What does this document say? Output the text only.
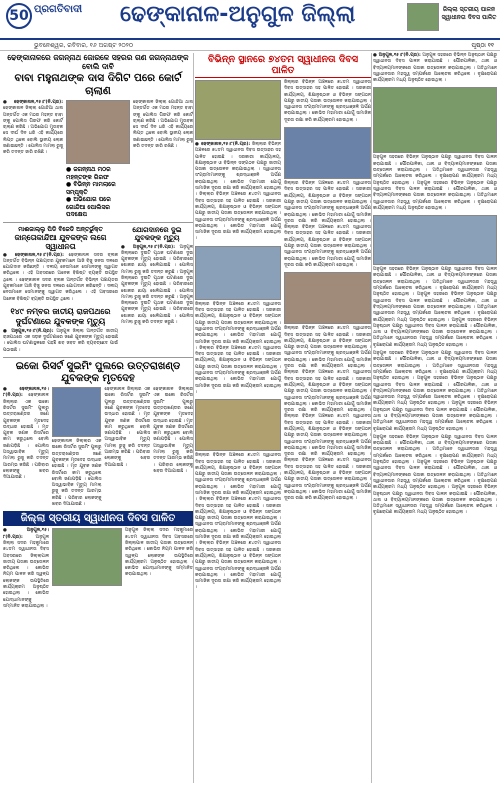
50 ପ୍ରଗତିବାଦୀ ଢେଙ୍କାନାଳ-ଅନୁଗୁଳ ଜିଲ୍ଲା	ଜିଲ୍ଲା ସ୍ତରୀୟ ପାଳନ ସ୍ୱାଧୀନତା ଦିବସ ପାଳିତ
ଭୁବନେଶ୍ୱର, ରବିବାର, ୧୬ ଅଗଷ୍ଟ ୨୦୨୦	ପୃଷ୍ଠା ୧୧
ଢେଙ୍କାନାଳରେ ଜଗନ୍ନାଥ ଜୋରଳେ ସହରର ଗଣ ଜଗନ୍ନାଥଙ୍କ ବୋଲି ଦାବି
ବାବା ମହୁନାଥଙ୍କ ଦାସ ଦିଗିଟ ପରେ କୋର୍ଟ ଚାଲାଣ
● ଢେଙ୍କାନାଳ,୧୫।୮(ନି.ପ୍ର): ଢେଙ୍କାନାଳ ଜିଲ୍ଲା ଗୋନ୍ଦିଆ ଥାନା ଅନ୍ତର୍ଗତ ଏକ ମଠର ମହନ୍ତ ବାବା ଙ୍କୁ ପୋଲିସ ଗିରଫ କରି କୋର୍ଟ ଚାଲାଣ କରିଛି । ଅଭିଯୋଗ ମୁତାବକ ସେ ଦୀର୍ଘ ଦିନ ଧରି ଏହି କାର୍ଯ୍ୟରେ ଲିପ୍ତ ଥିଲେ ବୋଲି ସ୍ଥାନୀୟ ଲୋକ ଜଣାଇଛନ୍ତି । ପୋଲିସ ମାମଲା ରୁଜୁ କରି ତଦନ୍ତ ଜାରି ରଖିଛି ।
● ଜଗନ୍ନାଥ ମଠର ମହନ୍ତଙ୍କ ଗିରଫ
● ବିଭିନ୍ନ ମାମଲାରେ ସମ୍ପୃକ୍ତି
● ଅଭିଯୋଗ ପରେ ଗୋନ୍ଦିଆ ପୋଲିସର ପଦକ୍ଷେପ
ଢେଙ୍କାନାଳ ଜିଲ୍ଲା ଗୋନ୍ଦିଆ ଥାନା ଅନ୍ତର୍ଗତ ଏକ ମଠର ମହନ୍ତ ବାବା ଙ୍କୁ ପୋଲିସ ଗିରଫ କରି କୋର୍ଟ ଚାଲାଣ କରିଛି । ଅଭିଯୋଗ ମୁତାବକ ସେ ଦୀର୍ଘ ଦିନ ଧରି ଏହି କାର୍ଯ୍ୟରେ ଲିପ୍ତ ଥିଲେ ବୋଲି ସ୍ଥାନୀୟ ଲୋକ ଜଣାଇଛନ୍ତି । ପୋଲିସ ମାମଲା ରୁଜୁ କରି ତଦନ୍ତ ଜାରି ରଖିଛି ।
ମାଈଜାଲ୍ଲୁ ପିଡି ବିଜେଡି ଅନ୍ତର୍ଭୁକ୍ତ
ଜାନ୍ତୋକାନ୍ଦିଆ ଯୁବକଙ୍କ ଲଗେ ସ୍ୱାଧୀନତା
● ଢେଙ୍କାନାଳ,୧୫।୮(ନି.ପ୍ର): ଢେଙ୍କାନାଳ ସଦର ବ୍ଲକ ଅନ୍ତର୍ଗତ ବିଭିନ୍ନ ପଞ୍ଚାୟତର ଯୁବକମାନେ ଆଜି ବିଜୁ ଜନତା ଦଳରେ ଯୋଗଦାନ କରିଛନ୍ତି । ଦଳୀୟ ନେତାମାନେ ସେମାନଙ୍କୁ ସ୍ୱାଗତ କରିଥିଲେ । ଏହି ଅବସରରେ ଅନେକ ବିଶିଷ୍ଟ ବ୍ୟକ୍ତି ଉପସ୍ଥିତ ଥିଲେ । ଢେଙ୍କାନାଳ ସଦର ବ୍ଲକ ଅନ୍ତର୍ଗତ ବିଭିନ୍ନ ପଞ୍ଚାୟତର ଯୁବକମାନେ ଆଜି ବିଜୁ ଜନତା ଦଳରେ ଯୋଗଦାନ କରିଛନ୍ତି । ଦଳୀୟ ନେତାମାନେ ସେମାନଙ୍କୁ ସ୍ୱାଗତ କରିଥିଲେ । ଏହି ଅବସରରେ ଅନେକ ବିଶିଷ୍ଟ ବ୍ୟକ୍ତି ଉପସ୍ଥିତ ଥିଲେ ।
୧୪୯ ନମ୍ବର ଜାତୀୟ ରାଜପଥରେ ଦୁର୍ଘଟଣାରେ ଯୁବକଙ୍କ ମୃତ୍ୟୁ
● ଅନୁଗୁଳ,୧୫।୮(ନି.ପ୍ର): ଅନୁଗୁଳ ଜିଲ୍ଲା ଅନ୍ତର୍ଗତ ଜାତୀୟ ରାଜପଥରେ ଏକ ସଡ଼କ ଦୁର୍ଘଟଣାରେ ଜଣେ ଯୁବକଙ୍କ ମୃତ୍ୟୁ ହୋଇଛି । ପୋଲିସ ଘଟଣାସ୍ଥଳରେ ପହଞ୍ଚି ଶବ ଜବତ କରି ବ୍ୟବଚ୍ଛେଦ ପାଇଁ ପଠାଇଛି ।
ଯୋଗଦାନରେ ଦୁଇ ଯୁବକଙ୍କ ମୃତ୍ୟୁ
● ଅନୁଗୁଳ,୧୫।୮(ନି.ପ୍ର): ଅନୁଗୁଳ ଜିଲ୍ଲାରେ ଦୁଇଟି ପୃଥକ ଘଟଣାରେ ଦୁଇ ଯୁବକଙ୍କ ମୃତ୍ୟୁ ହୋଇଛି । ପରିବାରରେ ଶୋକର ଛାୟା ଖେଳିଯାଇଛି । ପୋଲିସ ମାମଲା ରୁଜୁ କରି ତଦନ୍ତ କରୁଛି । ଅନୁଗୁଳ ଜିଲ୍ଲାରେ ଦୁଇଟି ପୃଥକ ଘଟଣାରେ ଦୁଇ ଯୁବକଙ୍କ ମୃତ୍ୟୁ ହୋଇଛି । ପରିବାରରେ ଶୋକର ଛାୟା ଖେଳିଯାଇଛି । ପୋଲିସ ମାମଲା ରୁଜୁ କରି ତଦନ୍ତ କରୁଛି । ଅନୁଗୁଳ ଜିଲ୍ଲାରେ ଦୁଇଟି ପୃଥକ ଘଟଣାରେ ଦୁଇ ଯୁବକଙ୍କ ମୃତ୍ୟୁ ହୋଇଛି । ପରିବାରରେ ଶୋକର ଛାୟା ଖେଳିଯାଇଛି । ପୋଲିସ ମାମଲା ରୁଜୁ କରି ତଦନ୍ତ କରୁଛି ।
ଇକୋ ରିସର୍ଟ ସୁଇମିଂ ପୁଲରେ ଉତ୍ତରାଖଣ୍ଡ ଯୁବକଙ୍କ ମୃତଦେହ
● ଢେଙ୍କାନାଳ,୧୫।୮(ନି.ପ୍ର): ଢେଙ୍କାନାଳ ଜିଲ୍ଲାର ଏକ ଇକୋ ରିସର୍ଟର ସୁଇମିଂ ପୁଲରୁ ଉତ୍ତରାଖଣ୍ଡର ଜଣେ ଯୁବକଙ୍କ ମୃତଦେହ ଉଦ୍ଧାର ହୋଇଛି । ମୃତ ଯୁବକ ଜଣକ ରିସର୍ଟରେ କାମ କରୁଥିଲେ ବୋଲି ଜଣାପଡ଼ିଛି । ପୋଲିସ ଅସ୍ୱାଭାବିକ ମୃତ୍ୟୁ ମାମଲା ରୁଜୁ କରି ତଦନ୍ତ ଆରମ୍ଭ କରିଛି । ପରିବାର ଲୋକଙ୍କୁ ଖବର ଦିଆଯାଇଛି ।
ଢେଙ୍କାନାଳ ଜିଲ୍ଲାର ଏକ ଇକୋ ରିସର୍ଟର ସୁଇମିଂ ପୁଲରୁ ଉତ୍ତରାଖଣ୍ଡର ଜଣେ ଯୁବକଙ୍କ ମୃତଦେହ ଉଦ୍ଧାର ହୋଇଛି । ମୃତ ଯୁବକ ଜଣକ ରିସର୍ଟରେ କାମ କରୁଥିଲେ ବୋଲି ଜଣାପଡ଼ିଛି । ପୋଲିସ ଅସ୍ୱାଭାବିକ ମୃତ୍ୟୁ ମାମଲା ରୁଜୁ କରି ତଦନ୍ତ ଆରମ୍ଭ କରିଛି । ପରିବାର ଲୋକଙ୍କୁ ଖବର ଦିଆଯାଇଛି ।
ଢେଙ୍କାନାଳ ଜିଲ୍ଲାର ଏକ ଇକୋ ରିସର୍ଟର ସୁଇମିଂ ପୁଲରୁ ଉତ୍ତରାଖଣ୍ଡର ଜଣେ ଯୁବକଙ୍କ ମୃତଦେହ ଉଦ୍ଧାର ହୋଇଛି । ମୃତ ଯୁବକ ଜଣକ ରିସର୍ଟରେ କାମ କରୁଥିଲେ ବୋଲି ଜଣାପଡ଼ିଛି । ପୋଲିସ ଅସ୍ୱାଭାବିକ ମୃତ୍ୟୁ ମାମଲା ରୁଜୁ କରି ତଦନ୍ତ ଆରମ୍ଭ କରିଛି । ପରିବାର ଲୋକଙ୍କୁ ଖବର ଦିଆଯାଇଛି ।
ଢେଙ୍କାନାଳ ଜିଲ୍ଲାର ଏକ ଇକୋ ରିସର୍ଟର ସୁଇମିଂ ପୁଲରୁ ଉତ୍ତରାଖଣ୍ଡର ଜଣେ ଯୁବକଙ୍କ ମୃତଦେହ ଉଦ୍ଧାର ହୋଇଛି । ମୃତ ଯୁବକ ଜଣକ ରିସର୍ଟରେ କାମ କରୁଥିଲେ ବୋଲି ଜଣାପଡ଼ିଛି । ପୋଲିସ ଅସ୍ୱାଭାବିକ ମୃତ୍ୟୁ ମାମଲା ରୁଜୁ କରି ତଦନ୍ତ ଆରମ୍ଭ କରିଛି । ପରିବାର ଲୋକଙ୍କୁ ଖବର ଦିଆଯାଇଛି ।
ଜିଲ୍ଲା ସ୍ତରୀୟ ସ୍ୱାଧୀନତା ଦିବସ ପାଳିତ
● ଅନୁଗୁଳ,୧୫।୮(ନି.ପ୍ର):	ଅନୁଗୁଳ ଜିଲ୍ଲା ସଦର ମହକୁମାରେ ୭୪ତମ ସ୍ୱାଧୀନତା ଦିବସ ଅବସରରେ ଜିଲ୍ଲାପାଳ ଜାତୀୟ ପତାକା ଉତ୍ତୋଳନ କରିଥିଲେ । କୋଭିଡ ନିୟମ ପାଳନ କରି ସ୍ୱଳ୍ପ ଲୋକଙ୍କ ଉପସ୍ଥିତିରେ କାର୍ଯ୍ୟକ୍ରମ ଅନୁଷ୍ଠିତ ହୋଇଥିଲା । କୋଭିଡ ଯୋଦ୍ଧାମାନଙ୍କୁ ସମ୍ମାନିତ କରାଯାଇଥିଲା ।
ଅନୁଗୁଳ ଜିଲ୍ଲା ସଦର ମହକୁମାରେ ୭୪ତମ ସ୍ୱାଧୀନତା ଦିବସ ଅବସରରେ ଜିଲ୍ଲାପାଳ ଜାତୀୟ ପତାକା ଉତ୍ତୋଳନ କରିଥିଲେ । କୋଭିଡ ନିୟମ ପାଳନ କରି ସ୍ୱଳ୍ପ ଲୋକଙ୍କ ଉପସ୍ଥିତିରେ କାର୍ଯ୍ୟକ୍ରମ ଅନୁଷ୍ଠିତ ହୋଇଥିଲା । କୋଭିଡ ଯୋଦ୍ଧାମାନଙ୍କୁ ସମ୍ମାନିତ କରାଯାଇଥିଲା ।
ବିଭିନ୍ନ ସ୍ଥାନରେ ୭୪ତମ ସ୍ୱାଧୀନତା ଦିବସ ପାଳିତ
● ଢେଙ୍କାନାଳ,୧୫।୮(ନି.ପ୍ର): ଜିଲ୍ଲାର ବିଭିନ୍ନ ଅଞ୍ଚଳରେ ୭୪ତମ ସ୍ୱାଧୀନତା ଦିବସ ଉତ୍ସାହର ସହ ପାଳିତ ହୋଇଛି । ସରକାରୀ କାର୍ଯ୍ୟାଳୟ, ଶିକ୍ଷାନୁଷ୍ଠାନ ଓ ବିଭିନ୍ନ ସଙ୍ଗଠନ ପକ୍ଷରୁ ଜାତୀୟ ପତାକା ଉତ୍ତୋଳନ କରାଯାଇଥିଲା । ସ୍ୱାଧୀନତା ସଂଗ୍ରାମୀମାନଙ୍କୁ ଶ୍ରଦ୍ଧାଞ୍ଜଳି ଅର୍ପଣ କରାଯାଇଥିଲା । କୋଭିଡ ମହାମାରୀ ଯୋଗୁଁ ସାମାଜିକ ଦୂରତା ରକ୍ଷା କରି କାର୍ଯ୍ୟକ୍ରମ ହୋଇଥିଲା । ଜିଲ୍ଲାର ବିଭିନ୍ନ ଅଞ୍ଚଳରେ ୭୪ତମ ସ୍ୱାଧୀନତା ଦିବସ ଉତ୍ସାହର ସହ ପାଳିତ ହୋଇଛି । ସରକାରୀ କାର୍ଯ୍ୟାଳୟ, ଶିକ୍ଷାନୁଷ୍ଠାନ ଓ ବିଭିନ୍ନ ସଙ୍ଗଠନ ପକ୍ଷରୁ ଜାତୀୟ ପତାକା ଉତ୍ତୋଳନ କରାଯାଇଥିଲା । ସ୍ୱାଧୀନତା ସଂଗ୍ରାମୀମାନଙ୍କୁ ଶ୍ରଦ୍ଧାଞ୍ଜଳି ଅର୍ପଣ କରାଯାଇଥିଲା । କୋଭିଡ ମହାମାରୀ ଯୋଗୁଁ ସାମାଜିକ ଦୂରତା ରକ୍ଷା କରି କାର୍ଯ୍ୟକ୍ରମ ହୋଇଥିଲା ।
ଜିଲ୍ଲାର ବିଭିନ୍ନ ଅଞ୍ଚଳରେ ୭୪ତମ ସ୍ୱାଧୀନତା ଦିବସ ଉତ୍ସାହର ସହ ପାଳିତ ହୋଇଛି । ସରକାରୀ କାର୍ଯ୍ୟାଳୟ, ଶିକ୍ଷାନୁଷ୍ଠାନ ଓ ବିଭିନ୍ନ ସଙ୍ଗଠନ ପକ୍ଷରୁ ଜାତୀୟ ପତାକା ଉତ୍ତୋଳନ କରାଯାଇଥିଲା । ସ୍ୱାଧୀନତା ସଂଗ୍ରାମୀମାନଙ୍କୁ ଶ୍ରଦ୍ଧାଞ୍ଜଳି ଅର୍ପଣ କରାଯାଇଥିଲା । କୋଭିଡ ମହାମାରୀ ଯୋଗୁଁ ସାମାଜିକ ଦୂରତା ରକ୍ଷା କରି କାର୍ଯ୍ୟକ୍ରମ ହୋଇଥିଲା । ଜିଲ୍ଲାର ବିଭିନ୍ନ ଅଞ୍ଚଳରେ ୭୪ତମ ସ୍ୱାଧୀନତା ଦିବସ ଉତ୍ସାହର ସହ ପାଳିତ ହୋଇଛି । ସରକାରୀ କାର୍ଯ୍ୟାଳୟ, ଶିକ୍ଷାନୁଷ୍ଠାନ ଓ ବିଭିନ୍ନ ସଙ୍ଗଠନ ପକ୍ଷରୁ ଜାତୀୟ ପତାକା ଉତ୍ତୋଳନ କରାଯାଇଥିଲା । ସ୍ୱାଧୀନତା ସଂଗ୍ରାମୀମାନଙ୍କୁ ଶ୍ରଦ୍ଧାଞ୍ଜଳି ଅର୍ପଣ କରାଯାଇଥିଲା । କୋଭିଡ ମହାମାରୀ ଯୋଗୁଁ ସାମାଜିକ ଦୂରତା ରକ୍ଷା କରି କାର୍ଯ୍ୟକ୍ରମ ହୋଇଥିଲା ।
ଜିଲ୍ଲାର ବିଭିନ୍ନ ଅଞ୍ଚଳରେ ୭୪ତମ ସ୍ୱାଧୀନତା ଦିବସ ଉତ୍ସାହର ସହ ପାଳିତ ହୋଇଛି । ସରକାରୀ କାର୍ଯ୍ୟାଳୟ, ଶିକ୍ଷାନୁଷ୍ଠାନ ଓ ବିଭିନ୍ନ ସଙ୍ଗଠନ ପକ୍ଷରୁ ଜାତୀୟ ପତାକା ଉତ୍ତୋଳନ କରାଯାଇଥିଲା । ସ୍ୱାଧୀନତା ସଂଗ୍ରାମୀମାନଙ୍କୁ ଶ୍ରଦ୍ଧାଞ୍ଜଳି ଅର୍ପଣ କରାଯାଇଥିଲା । କୋଭିଡ ମହାମାରୀ ଯୋଗୁଁ ସାମାଜିକ ଦୂରତା ରକ୍ଷା କରି କାର୍ଯ୍ୟକ୍ରମ ହୋଇଥିଲା । ଜିଲ୍ଲାର ବିଭିନ୍ନ ଅଞ୍ଚଳରେ ୭୪ତମ ସ୍ୱାଧୀନତା ଦିବସ ଉତ୍ସାହର ସହ ପାଳିତ ହୋଇଛି । ସରକାରୀ କାର୍ଯ୍ୟାଳୟ, ଶିକ୍ଷାନୁଷ୍ଠାନ ଓ ବିଭିନ୍ନ ସଙ୍ଗଠନ ପକ୍ଷରୁ ଜାତୀୟ ପତାକା ଉତ୍ତୋଳନ କରାଯାଇଥିଲା । ସ୍ୱାଧୀନତା ସଂଗ୍ରାମୀମାନଙ୍କୁ ଶ୍ରଦ୍ଧାଞ୍ଜଳି ଅର୍ପଣ କରାଯାଇଥିଲା । କୋଭିଡ ମହାମାରୀ ଯୋଗୁଁ ସାମାଜିକ ଦୂରତା ରକ୍ଷା କରି କାର୍ଯ୍ୟକ୍ରମ ହୋଇଥିଲା । ଜିଲ୍ଲାର ବିଭିନ୍ନ ଅଞ୍ଚଳରେ ୭୪ତମ ସ୍ୱାଧୀନତା ଦିବସ ଉତ୍ସାହର ସହ ପାଳିତ ହୋଇଛି । ସରକାରୀ କାର୍ଯ୍ୟାଳୟ, ଶିକ୍ଷାନୁଷ୍ଠାନ ଓ ବିଭିନ୍ନ ସଙ୍ଗଠନ ପକ୍ଷରୁ ଜାତୀୟ ପତାକା ଉତ୍ତୋଳନ କରାଯାଇଥିଲା । ସ୍ୱାଧୀନତା ସଂଗ୍ରାମୀମାନଙ୍କୁ ଶ୍ରଦ୍ଧାଞ୍ଜଳି ଅର୍ପଣ କରାଯାଇଥିଲା । କୋଭିଡ ମହାମାରୀ ଯୋଗୁଁ ସାମାଜିକ ଦୂରତା ରକ୍ଷା କରି କାର୍ଯ୍ୟକ୍ରମ ହୋଇଥିଲା ।
ଜିଲ୍ଲାର ବିଭିନ୍ନ ଅଞ୍ଚଳରେ ୭୪ତମ ସ୍ୱାଧୀନତା ଦିବସ ଉତ୍ସାହର ସହ ପାଳିତ ହୋଇଛି । ସରକାରୀ କାର୍ଯ୍ୟାଳୟ, ଶିକ୍ଷାନୁଷ୍ଠାନ ଓ ବିଭିନ୍ନ ସଙ୍ଗଠନ ପକ୍ଷରୁ ଜାତୀୟ ପତାକା ଉତ୍ତୋଳନ କରାଯାଇଥିଲା । ସ୍ୱାଧୀନତା ସଂଗ୍ରାମୀମାନଙ୍କୁ ଶ୍ରଦ୍ଧାଞ୍ଜଳି ଅର୍ପଣ କରାଯାଇଥିଲା । କୋଭିଡ ମହାମାରୀ ଯୋଗୁଁ ସାମାଜିକ ଦୂରତା ରକ୍ଷା କରି କାର୍ଯ୍ୟକ୍ରମ ହୋଇଥିଲା ।
ଜିଲ୍ଲାର ବିଭିନ୍ନ ଅଞ୍ଚଳରେ ୭୪ତମ ସ୍ୱାଧୀନତା ଦିବସ ଉତ୍ସାହର ସହ ପାଳିତ ହୋଇଛି । ସରକାରୀ କାର୍ଯ୍ୟାଳୟ, ଶିକ୍ଷାନୁଷ୍ଠାନ ଓ ବିଭିନ୍ନ ସଙ୍ଗଠନ ପକ୍ଷରୁ ଜାତୀୟ ପତାକା ଉତ୍ତୋଳନ କରାଯାଇଥିଲା । ସ୍ୱାଧୀନତା ସଂଗ୍ରାମୀମାନଙ୍କୁ ଶ୍ରଦ୍ଧାଞ୍ଜଳି ଅର୍ପଣ କରାଯାଇଥିଲା । କୋଭିଡ ମହାମାରୀ ଯୋଗୁଁ ସାମାଜିକ ଦୂରତା ରକ୍ଷା କରି କାର୍ଯ୍ୟକ୍ରମ ହୋଇଥିଲା । ଜିଲ୍ଲାର ବିଭିନ୍ନ ଅଞ୍ଚଳରେ ୭୪ତମ ସ୍ୱାଧୀନତା ଦିବସ ଉତ୍ସାହର ସହ ପାଳିତ ହୋଇଛି । ସରକାରୀ କାର୍ଯ୍ୟାଳୟ, ଶିକ୍ଷାନୁଷ୍ଠାନ ଓ ବିଭିନ୍ନ ସଙ୍ଗଠନ ପକ୍ଷରୁ ଜାତୀୟ ପତାକା ଉତ୍ତୋଳନ କରାଯାଇଥିଲା । ସ୍ୱାଧୀନତା ସଂଗ୍ରାମୀମାନଙ୍କୁ ଶ୍ରଦ୍ଧାଞ୍ଜଳି ଅର୍ପଣ କରାଯାଇଥିଲା । କୋଭିଡ ମହାମାରୀ ଯୋଗୁଁ ସାମାଜିକ ଦୂରତା ରକ୍ଷା କରି କାର୍ଯ୍ୟକ୍ରମ ହୋଇଥିଲା ।
ଜିଲ୍ଲାର ବିଭିନ୍ନ ଅଞ୍ଚଳରେ ୭୪ତମ ସ୍ୱାଧୀନତା ଦିବସ ଉତ୍ସାହର ସହ ପାଳିତ ହୋଇଛି । ସରକାରୀ କାର୍ଯ୍ୟାଳୟ, ଶିକ୍ଷାନୁଷ୍ଠାନ ଓ ବିଭିନ୍ନ ସଙ୍ଗଠନ ପକ୍ଷରୁ ଜାତୀୟ ପତାକା ଉତ୍ତୋଳନ କରାଯାଇଥିଲା । ସ୍ୱାଧୀନତା ସଂଗ୍ରାମୀମାନଙ୍କୁ ଶ୍ରଦ୍ଧାଞ୍ଜଳି ଅର୍ପଣ କରାଯାଇଥିଲା । କୋଭିଡ ମହାମାରୀ ଯୋଗୁଁ ସାମାଜିକ ଦୂରତା ରକ୍ଷା କରି କାର୍ଯ୍ୟକ୍ରମ ହୋଇଥିଲା । ଜିଲ୍ଲାର ବିଭିନ୍ନ ଅଞ୍ଚଳରେ ୭୪ତମ ସ୍ୱାଧୀନତା ଦିବସ ଉତ୍ସାହର ସହ ପାଳିତ ହୋଇଛି । ସରକାରୀ କାର୍ଯ୍ୟାଳୟ, ଶିକ୍ଷାନୁଷ୍ଠାନ ଓ ବିଭିନ୍ନ ସଙ୍ଗଠନ ପକ୍ଷରୁ ଜାତୀୟ ପତାକା ଉତ୍ତୋଳନ କରାଯାଇଥିଲା । ସ୍ୱାଧୀନତା ସଂଗ୍ରାମୀମାନଙ୍କୁ ଶ୍ରଦ୍ଧାଞ୍ଜଳି ଅର୍ପଣ କରାଯାଇଥିଲା । କୋଭିଡ ମହାମାରୀ ଯୋଗୁଁ ସାମାଜିକ ଦୂରତା ରକ୍ଷା କରି କାର୍ଯ୍ୟକ୍ରମ ହୋଇଥିଲା । ଜିଲ୍ଲାର ବିଭିନ୍ନ ଅଞ୍ଚଳରେ ୭୪ତମ ସ୍ୱାଧୀନତା ଦିବସ ଉତ୍ସାହର ସହ ପାଳିତ ହୋଇଛି । ସରକାରୀ କାର୍ଯ୍ୟାଳୟ, ଶିକ୍ଷାନୁଷ୍ଠାନ ଓ ବିଭିନ୍ନ ସଙ୍ଗଠନ ପକ୍ଷରୁ ଜାତୀୟ ପତାକା ଉତ୍ତୋଳନ କରାଯାଇଥିଲା । ସ୍ୱାଧୀନତା ସଂଗ୍ରାମୀମାନଙ୍କୁ ଶ୍ରଦ୍ଧାଞ୍ଜଳି ଅର୍ପଣ କରାଯାଇଥିଲା । କୋଭିଡ ମହାମାରୀ ଯୋଗୁଁ ସାମାଜିକ ଦୂରତା ରକ୍ଷା କରି କାର୍ଯ୍ୟକ୍ରମ ହୋଇଥିଲା । ଜିଲ୍ଲାର ବିଭିନ୍ନ ଅଞ୍ଚଳରେ ୭୪ତମ ସ୍ୱାଧୀନତା ଦିବସ ଉତ୍ସାହର ସହ ପାଳିତ ହୋଇଛି । ସରକାରୀ କାର୍ଯ୍ୟାଳୟ, ଶିକ୍ଷାନୁଷ୍ଠାନ ଓ ବିଭିନ୍ନ ସଙ୍ଗଠନ ପକ୍ଷରୁ ଜାତୀୟ ପତାକା ଉତ୍ତୋଳନ କରାଯାଇଥିଲା । ସ୍ୱାଧୀନତା ସଂଗ୍ରାମୀମାନଙ୍କୁ ଶ୍ରଦ୍ଧାଞ୍ଜଳି ଅର୍ପଣ କରାଯାଇଥିଲା । କୋଭିଡ ମହାମାରୀ ଯୋଗୁଁ ସାମାଜିକ ଦୂରତା ରକ୍ଷା କରି କାର୍ଯ୍ୟକ୍ରମ ହୋଇଥିଲା ।
● ଅନୁଗୁଳ,୧୫।୮(ନି.ପ୍ର): ଅନୁଗୁଳ ସହରରେ ବିଭିନ୍ନ ଅନୁଷ୍ଠାନ ପକ୍ଷରୁ ସ୍ୱାଧୀନତା ଦିବସ ପାଳନ କରାଯାଇଛି । ପୌରପାଳିକା, ଥାନା ଓ ବିଦ୍ୟାଳୟମାନଙ୍କରେ ପତାକା ଉତ୍ତୋଳନ କରାଯାଇଥିଲା । ଅତିଥିମାନେ ସ୍ୱାଧୀନତାର ମହତ୍ତ୍ୱ ସମ୍ପର୍କରେ ଆଲୋଚନା କରିଥିଲେ । ବୃକ୍ଷରୋପଣ କାର୍ଯ୍ୟକ୍ରମ ମଧ୍ୟ ଅନୁଷ୍ଠିତ ହୋଇଥିଲା ।
ଅନୁଗୁଳ ସହରରେ ବିଭିନ୍ନ ଅନୁଷ୍ଠାନ ପକ୍ଷରୁ ସ୍ୱାଧୀନତା ଦିବସ ପାଳନ କରାଯାଇଛି । ପୌରପାଳିକା, ଥାନା ଓ ବିଦ୍ୟାଳୟମାନଙ୍କରେ ପତାକା ଉତ୍ତୋଳନ କରାଯାଇଥିଲା । ଅତିଥିମାନେ ସ୍ୱାଧୀନତାର ମହତ୍ତ୍ୱ ସମ୍ପର୍କରେ ଆଲୋଚନା କରିଥିଲେ । ବୃକ୍ଷରୋପଣ କାର୍ଯ୍ୟକ୍ରମ ମଧ୍ୟ ଅନୁଷ୍ଠିତ ହୋଇଥିଲା । ଅନୁଗୁଳ ସହରରେ ବିଭିନ୍ନ ଅନୁଷ୍ଠାନ ପକ୍ଷରୁ ସ୍ୱାଧୀନତା ଦିବସ ପାଳନ କରାଯାଇଛି । ପୌରପାଳିକା, ଥାନା ଓ ବିଦ୍ୟାଳୟମାନଙ୍କରେ ପତାକା ଉତ୍ତୋଳନ କରାଯାଇଥିଲା । ଅତିଥିମାନେ ସ୍ୱାଧୀନତାର ମହତ୍ତ୍ୱ ସମ୍ପର୍କରେ ଆଲୋଚନା କରିଥିଲେ । ବୃକ୍ଷରୋପଣ କାର୍ଯ୍ୟକ୍ରମ ମଧ୍ୟ ଅନୁଷ୍ଠିତ ହୋଇଥିଲା ।
ଅନୁଗୁଳ ସହରରେ ବିଭିନ୍ନ ଅନୁଷ୍ଠାନ ପକ୍ଷରୁ ସ୍ୱାଧୀନତା ଦିବସ ପାଳନ କରାଯାଇଛି । ପୌରପାଳିକା, ଥାନା ଓ ବିଦ୍ୟାଳୟମାନଙ୍କରେ ପତାକା ଉତ୍ତୋଳନ କରାଯାଇଥିଲା । ଅତିଥିମାନେ ସ୍ୱାଧୀନତାର ମହତ୍ତ୍ୱ ସମ୍ପର୍କରେ ଆଲୋଚନା କରିଥିଲେ । ବୃକ୍ଷରୋପଣ କାର୍ଯ୍ୟକ୍ରମ ମଧ୍ୟ ଅନୁଷ୍ଠିତ ହୋଇଥିଲା । ଅନୁଗୁଳ ସହରରେ ବିଭିନ୍ନ ଅନୁଷ୍ଠାନ ପକ୍ଷରୁ ସ୍ୱାଧୀନତା ଦିବସ ପାଳନ କରାଯାଇଛି । ପୌରପାଳିକା, ଥାନା ଓ ବିଦ୍ୟାଳୟମାନଙ୍କରେ ପତାକା ଉତ୍ତୋଳନ କରାଯାଇଥିଲା । ଅତିଥିମାନେ ସ୍ୱାଧୀନତାର ମହତ୍ତ୍ୱ ସମ୍ପର୍କରେ ଆଲୋଚନା କରିଥିଲେ । ବୃକ୍ଷରୋପଣ କାର୍ଯ୍ୟକ୍ରମ ମଧ୍ୟ ଅନୁଷ୍ଠିତ ହୋଇଥିଲା । ଅନୁଗୁଳ ସହରରେ ବିଭିନ୍ନ ଅନୁଷ୍ଠାନ ପକ୍ଷରୁ ସ୍ୱାଧୀନତା ଦିବସ ପାଳନ କରାଯାଇଛି । ପୌରପାଳିକା, ଥାନା ଓ ବିଦ୍ୟାଳୟମାନଙ୍କରେ ପତାକା ଉତ୍ତୋଳନ କରାଯାଇଥିଲା । ଅତିଥିମାନେ ସ୍ୱାଧୀନତାର ମହତ୍ତ୍ୱ ସମ୍ପର୍କରେ ଆଲୋଚନା କରିଥିଲେ । ବୃକ୍ଷରୋପଣ କାର୍ଯ୍ୟକ୍ରମ ମଧ୍ୟ ଅନୁଷ୍ଠିତ ହୋଇଥିଲା ।
ଅନୁଗୁଳ ସହରରେ ବିଭିନ୍ନ ଅନୁଷ୍ଠାନ ପକ୍ଷରୁ ସ୍ୱାଧୀନତା ଦିବସ ପାଳନ କରାଯାଇଛି । ପୌରପାଳିକା, ଥାନା ଓ ବିଦ୍ୟାଳୟମାନଙ୍କରେ ପତାକା ଉତ୍ତୋଳନ କରାଯାଇଥିଲା । ଅତିଥିମାନେ ସ୍ୱାଧୀନତାର ମହତ୍ତ୍ୱ ସମ୍ପର୍କରେ ଆଲୋଚନା କରିଥିଲେ । ବୃକ୍ଷରୋପଣ କାର୍ଯ୍ୟକ୍ରମ ମଧ୍ୟ ଅନୁଷ୍ଠିତ ହୋଇଥିଲା । ଅନୁଗୁଳ ସହରରେ ବିଭିନ୍ନ ଅନୁଷ୍ଠାନ ପକ୍ଷରୁ ସ୍ୱାଧୀନତା ଦିବସ ପାଳନ କରାଯାଇଛି । ପୌରପାଳିକା, ଥାନା ଓ ବିଦ୍ୟାଳୟମାନଙ୍କରେ ପତାକା ଉତ୍ତୋଳନ କରାଯାଇଥିଲା । ଅତିଥିମାନେ ସ୍ୱାଧୀନତାର ମହତ୍ତ୍ୱ ସମ୍ପର୍କରେ ଆଲୋଚନା କରିଥିଲେ । ବୃକ୍ଷରୋପଣ କାର୍ଯ୍ୟକ୍ରମ ମଧ୍ୟ ଅନୁଷ୍ଠିତ ହୋଇଥିଲା । ଅନୁଗୁଳ ସହରରେ ବିଭିନ୍ନ ଅନୁଷ୍ଠାନ ପକ୍ଷରୁ ସ୍ୱାଧୀନତା ଦିବସ ପାଳନ କରାଯାଇଛି । ପୌରପାଳିକା, ଥାନା ଓ ବିଦ୍ୟାଳୟମାନଙ୍କରେ ପତାକା ଉତ୍ତୋଳନ କରାଯାଇଥିଲା । ଅତିଥିମାନେ ସ୍ୱାଧୀନତାର ମହତ୍ତ୍ୱ ସମ୍ପର୍କରେ ଆଲୋଚନା କରିଥିଲେ । ବୃକ୍ଷରୋପଣ କାର୍ଯ୍ୟକ୍ରମ ମଧ୍ୟ ଅନୁଷ୍ଠିତ ହୋଇଥିଲା ।
ଅନୁଗୁଳ ସହରରେ ବିଭିନ୍ନ ଅନୁଷ୍ଠାନ ପକ୍ଷରୁ ସ୍ୱାଧୀନତା ଦିବସ ପାଳନ କରାଯାଇଛି । ପୌରପାଳିକା, ଥାନା ଓ ବିଦ୍ୟାଳୟମାନଙ୍କରେ ପତାକା ଉତ୍ତୋଳନ କରାଯାଇଥିଲା । ଅତିଥିମାନେ ସ୍ୱାଧୀନତାର ମହତ୍ତ୍ୱ ସମ୍ପର୍କରେ ଆଲୋଚନା କରିଥିଲେ । ବୃକ୍ଷରୋପଣ କାର୍ଯ୍ୟକ୍ରମ ମଧ୍ୟ ଅନୁଷ୍ଠିତ ହୋଇଥିଲା । ଅନୁଗୁଳ ସହରରେ ବିଭିନ୍ନ ଅନୁଷ୍ଠାନ ପକ୍ଷରୁ ସ୍ୱାଧୀନତା ଦିବସ ପାଳନ କରାଯାଇଛି । ପୌରପାଳିକା, ଥାନା ଓ ବିଦ୍ୟାଳୟମାନଙ୍କରେ ପତାକା ଉତ୍ତୋଳନ କରାଯାଇଥିଲା । ଅତିଥିମାନେ ସ୍ୱାଧୀନତାର ମହତ୍ତ୍ୱ ସମ୍ପର୍କରେ ଆଲୋଚନା କରିଥିଲେ । ବୃକ୍ଷରୋପଣ କାର୍ଯ୍ୟକ୍ରମ ମଧ୍ୟ ଅନୁଷ୍ଠିତ ହୋଇଥିଲା । ଅନୁଗୁଳ ସହରରେ ବିଭିନ୍ନ ଅନୁଷ୍ଠାନ ପକ୍ଷରୁ ସ୍ୱାଧୀନତା ଦିବସ ପାଳନ କରାଯାଇଛି । ପୌରପାଳିକା, ଥାନା ଓ ବିଦ୍ୟାଳୟମାନଙ୍କରେ ପତାକା ଉତ୍ତୋଳନ କରାଯାଇଥିଲା । ଅତିଥିମାନେ ସ୍ୱାଧୀନତାର ମହତ୍ତ୍ୱ ସମ୍ପର୍କରେ ଆଲୋଚନା କରିଥିଲେ । ବୃକ୍ଷରୋପଣ କାର୍ଯ୍ୟକ୍ରମ ମଧ୍ୟ ଅନୁଷ୍ଠିତ ହୋଇଥିଲା ।
